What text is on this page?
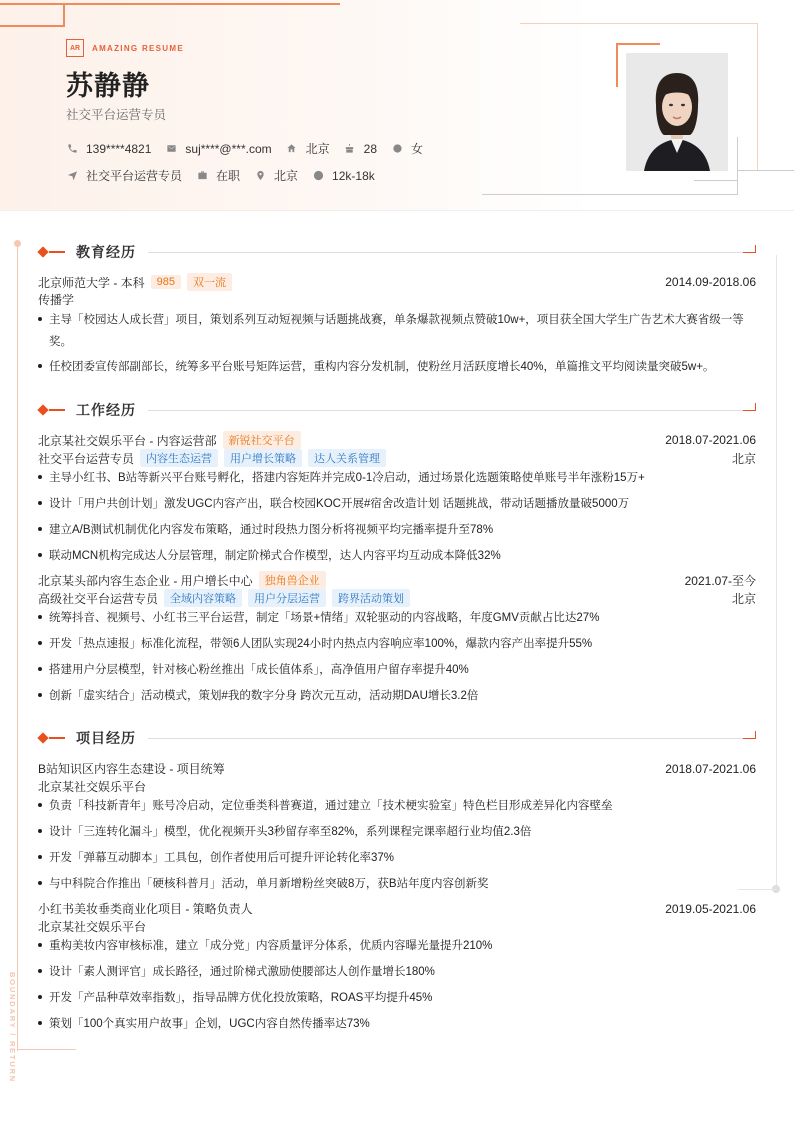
AR	AMAZING RESUME
苏静静
社交平台运营专员
139****4821	suj****@***.com	北京	28	女
社交平台运营专员	在职	北京	12k-18k
BOUNDARY / RETURN
教育经历
北京师范大学 - 本科	985	双一流	2014.09-2018.06
传播学
主导「校园达人成长营」项目，策划系列互动短视频与话题挑战赛，单条爆款视频点赞破10w+，项目获全国大学生广告艺术大赛省级一等奖。
任校团委宣传部副部长，统筹多平台账号矩阵运营，重构内容分发机制，使粉丝月活跃度增长40%，单篇推文平均阅读量突破5w+。
工作经历
北京某社交娱乐平台 - 内容运营部	新锐社交平台	2018.07-2021.06
社交平台运营专员	内容生态运营	用户增长策略	达人关系管理	北京
主导小红书、B站等新兴平台账号孵化，搭建内容矩阵并完成0-1冷启动，通过场景化选题策略使单账号半年涨粉15万+
设计「用户共创计划」激发UGC内容产出，联合校园KOC开展#宿舍改造计划 话题挑战，带动话题播放量破5000万
建立A/B测试机制优化内容发布策略，通过时段热力图分析将视频平均完播率提升至78%
联动MCN机构完成达人分层管理，制定阶梯式合作模型，达人内容平均互动成本降低32%
北京某头部内容生态企业 - 用户增长中心	独角兽企业	2021.07-至今
高级社交平台运营专员	全域内容策略	用户分层运营	跨界活动策划	北京
统筹抖音、视频号、小红书三平台运营，制定「场景+情绪」双轮驱动的内容战略，年度GMV贡献占比达27%
开发「热点速报」标准化流程，带领6人团队实现24小时内热点内容响应率100%，爆款内容产出率提升55%
搭建用户分层模型，针对核心粉丝推出「成长值体系」，高净值用户留存率提升40%
创新「虚实结合」活动模式，策划#我的数字分身 跨次元互动，活动期DAU增长3.2倍
项目经历
B站知识区内容生态建设 - 项目统筹	2018.07-2021.06
北京某社交娱乐平台
负责「科技新青年」账号冷启动，定位垂类科普赛道，通过建立「技术梗实验室」特色栏目形成差异化内容壁垒
设计「三连转化漏斗」模型，优化视频开头3秒留存率至82%，系列课程完课率超行业均值2.3倍
开发「弹幕互动脚本」工具包，创作者使用后可提升评论转化率37%
与中科院合作推出「硬核科普月」活动，单月新增粉丝突破8万，获B站年度内容创新奖
小红书美妆垂类商业化项目 - 策略负责人	2019.05-2021.06
北京某社交娱乐平台
重构美妆内容审核标准，建立「成分党」内容质量评分体系，优质内容曝光量提升210%
设计「素人测评官」成长路径，通过阶梯式激励使腰部达人创作量增长180%
开发「产品种草效率指数」，指导品牌方优化投放策略，ROAS平均提升45%
策划「100个真实用户故事」企划，UGC内容自然传播率达73%
